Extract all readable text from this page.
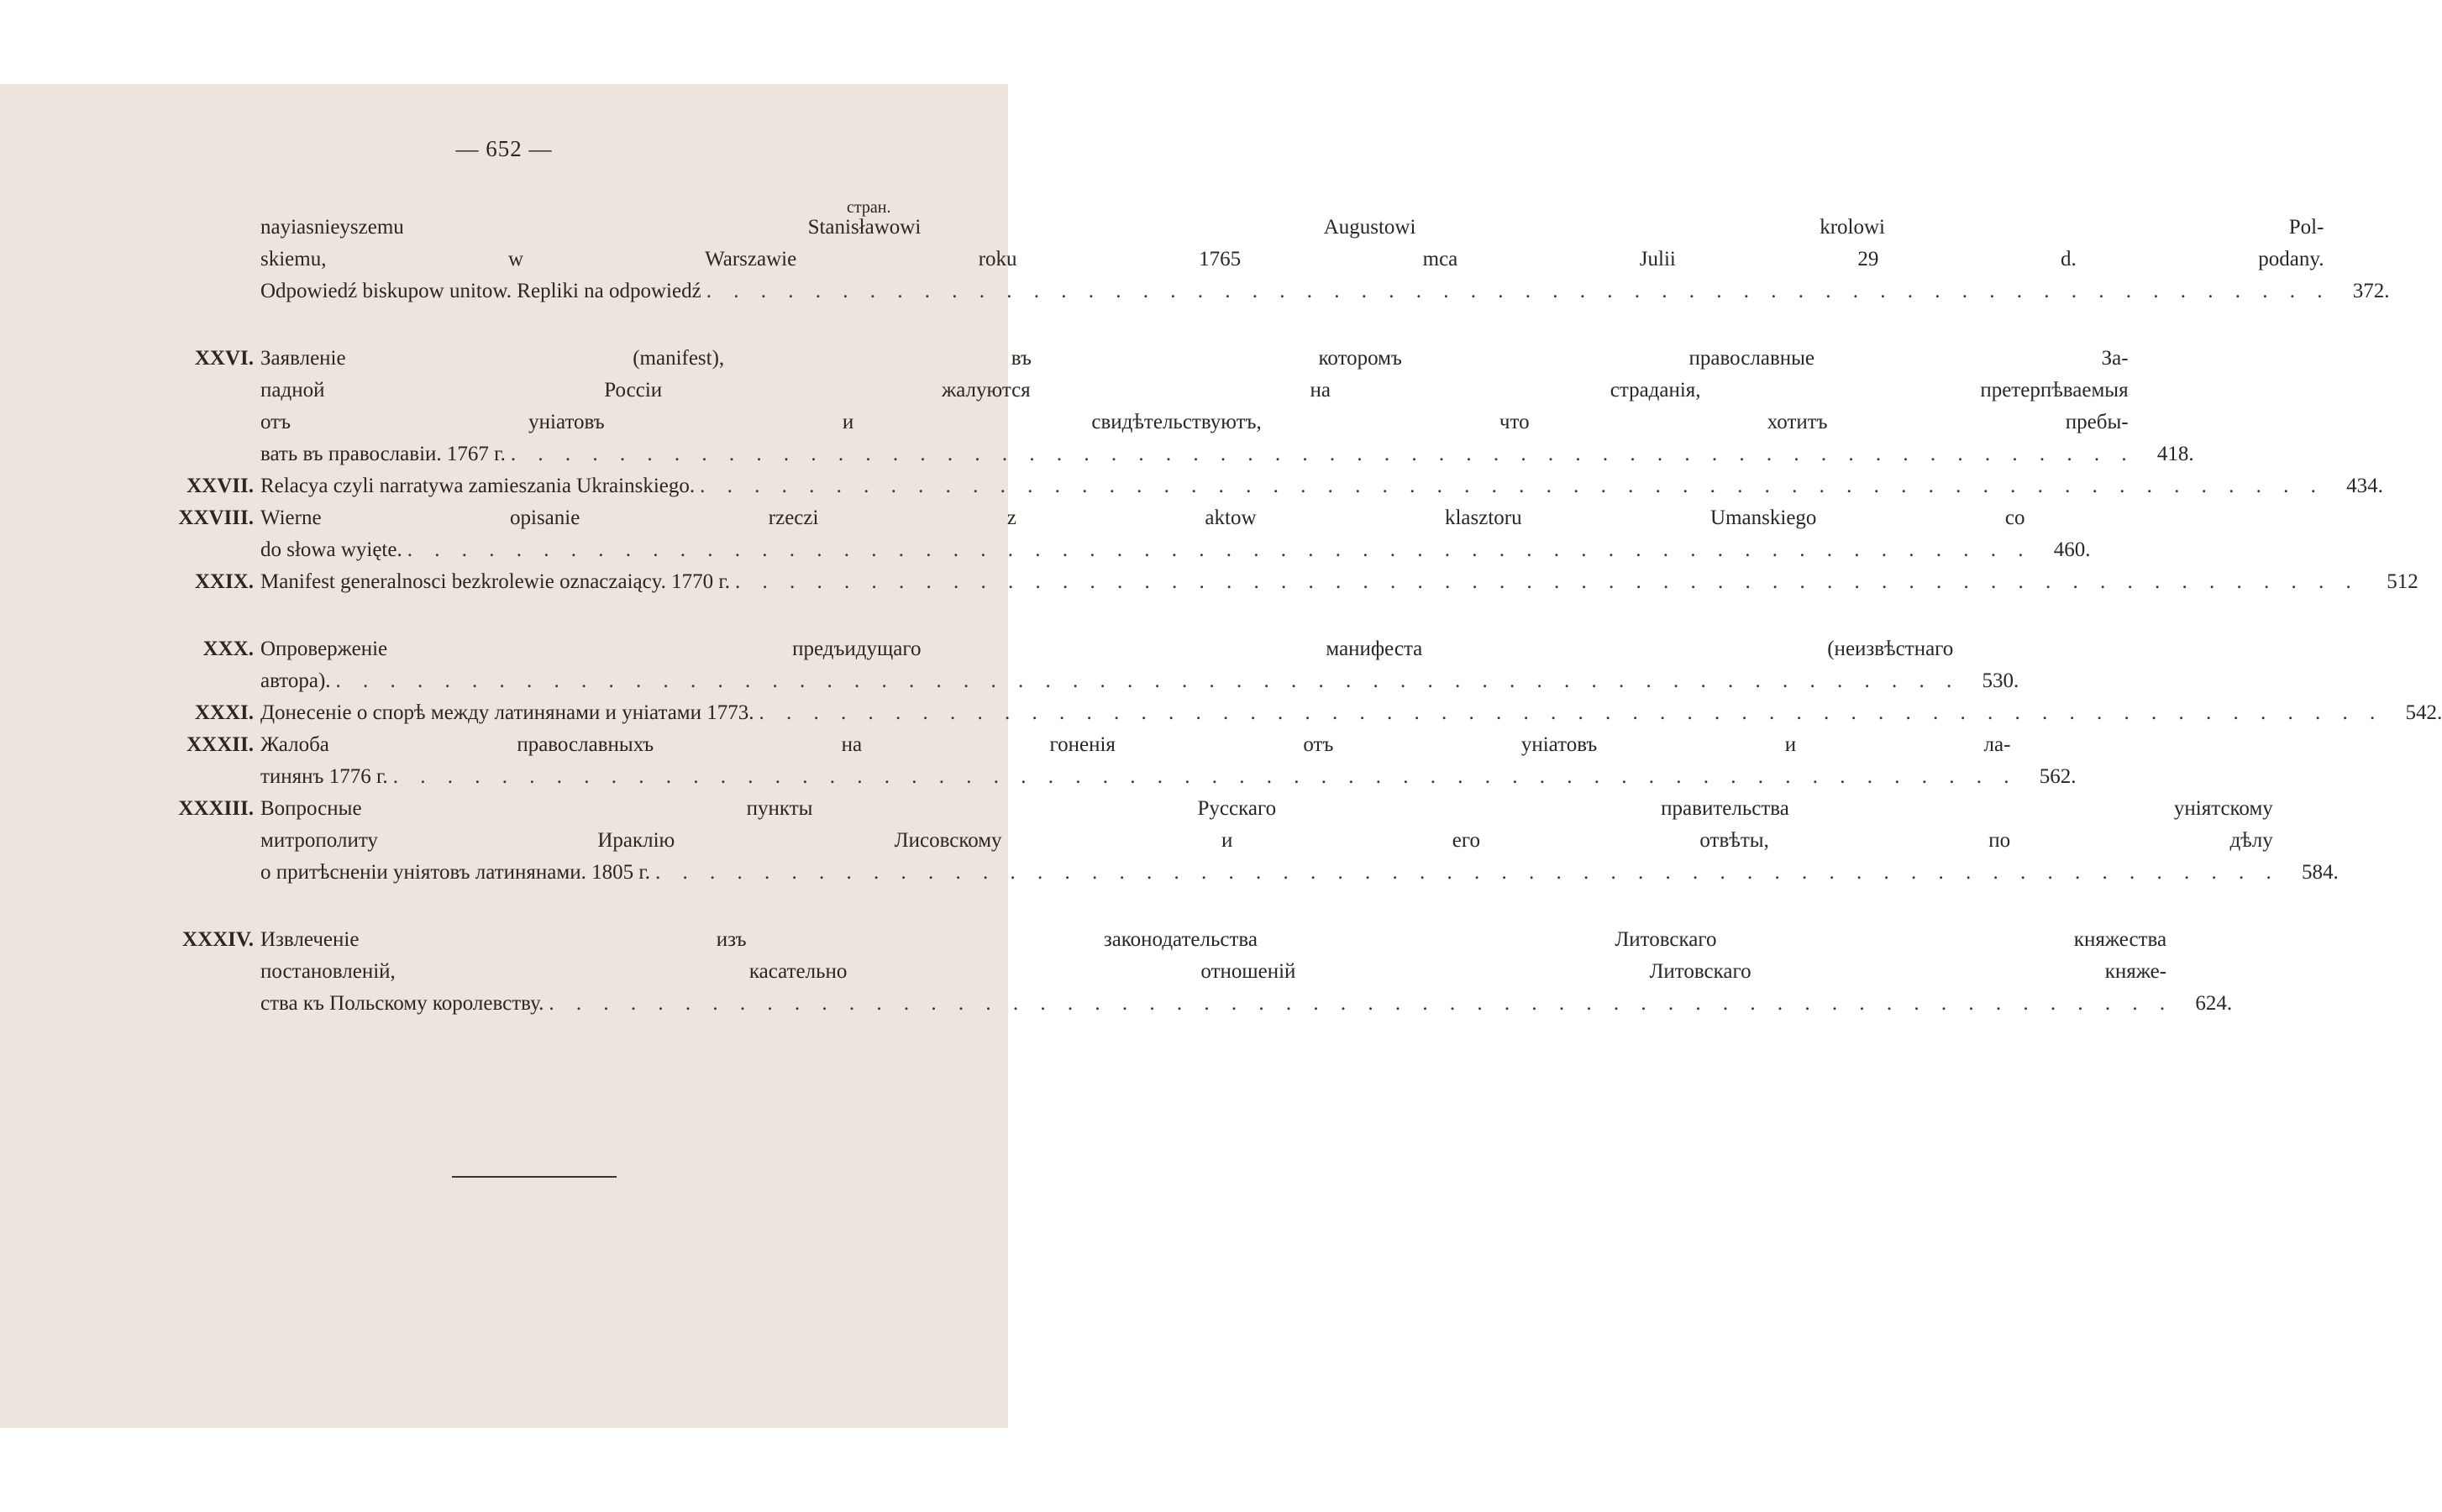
— 652 —
стран.
nayiasnieyszemu Stanisławowi Augustowi krolowi Pol-
skiemu, w Warszawie roku 1765 mca Julii 29 d. podany.
Odpowiedź biskupow unitow. Repliki na odpowiedź . . . . . . . . . . . . . . . . . . . . . . . . . . . . . . . . . . . . . . . . . . . . . . . . . . . . . . . . . . . .	372.
XXVI. Заявленіе (manifest), въ которомъ православные За-
падной Россіи жалуются на страданія, претерпѣваемыя
отъ уніатовъ и свидѣтельствуютъ, что хотитъ пребы-
вать въ православіи. 1767 г. . . . . . . . . . . . . . . . . . . . . . . . . . . . . . . . . . . . . . . . . . . . . . . . . . . . . . . . . . . . .	418.
XXVII. Relacya czyli narratywa zamieszania Ukrainskiego. . . . . . . . . . . . . . . . . . . . . . . . . . . . . . . . . . . . . . . . . . . . . . . . . . . . . . . . . . . . .	434.
XXVIII. Wierne opisanie rzeczi z aktow klasztoru Umanskiego co
do słowa wyięte. . . . . . . . . . . . . . . . . . . . . . . . . . . . . . . . . . . . . . . . . . . . . . . . . . . . . . . . . . . . .	460.
XXIX. Manifest generalnosci bezkrolewie oznaczaiący. 1770 г. . . . . . . . . . . . . . . . . . . . . . . . . . . . . . . . . . . . . . . . . . . . . . . . . . . . . . . . . . . . .	512
XXX. Опроверженіе предъидущаго манифеста (неизвѣстнаго
автора). . . . . . . . . . . . . . . . . . . . . . . . . . . . . . . . . . . . . . . . . . . . . . . . . . . . . . . . . . . . .	530.
XXXI. Донесеніе о спорѣ между латинянами и уніатами 1773. . . . . . . . . . . . . . . . . . . . . . . . . . . . . . . . . . . . . . . . . . . . . . . . . . . . . . . . . . . . .	542.
XXXII. Жалоба православныхъ на гоненія отъ уніатовъ и ла-
тинянъ 1776 г. . . . . . . . . . . . . . . . . . . . . . . . . . . . . . . . . . . . . . . . . . . . . . . . . . . . . . . . . . . . .	562.
XXXIII. Вопросные пункты Русскаго правительства уніятскому
митрополиту Ираклію Лисовскому и его отвѣты, по дѣлу
о притѣсненіи уніятовъ латинянами. 1805 г. . . . . . . . . . . . . . . . . . . . . . . . . . . . . . . . . . . . . . . . . . . . . . . . . . . . . . . . . . . . .	584.
XXXIV. Извлеченіе изъ законодательства Литовскаго княжества
постановленій, касательно отношеній Литовскаго княже-
ства къ Польскому королевству. . . . . . . . . . . . . . . . . . . . . . . . . . . . . . . . . . . . . . . . . . . . . . . . . . . . . . . . . . . . .	624.
